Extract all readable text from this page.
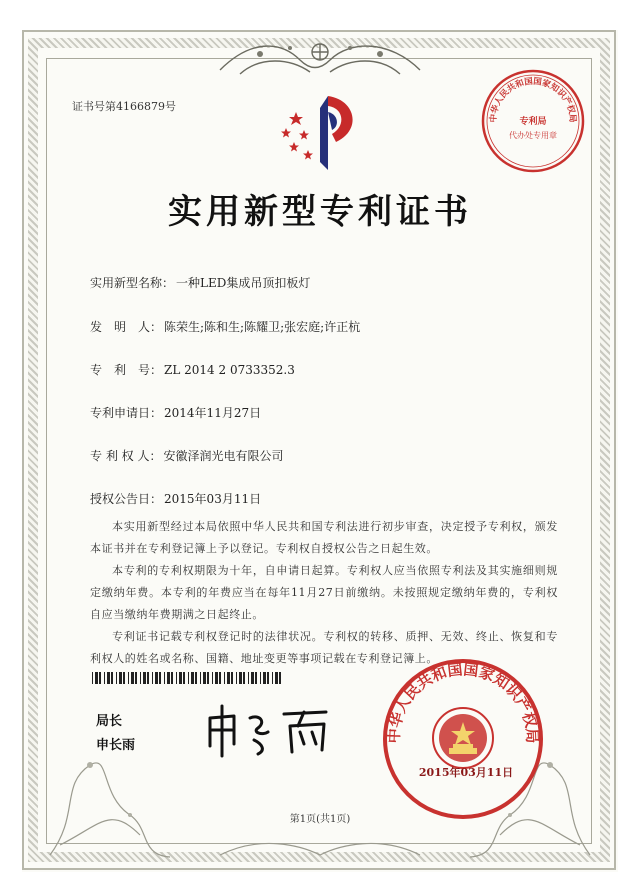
证书号第4166879号
中华人民共和国国家知识产权局
专利局
代办处专用章
实用新型专利证书
实用新型名称： 一种LED集成吊顶扣板灯
发　明　人： 陈荣生;陈和生;陈耀卫;张宏庭;许正杭
专　利　号： ZL 2014 2 0733352.3
专利申请日： 2014年11月27日
专 利 权 人： 安徽泽润光电有限公司
授权公告日： 2015年03月11日

本实用新型经过本局依照中华人民共和国专利法进行初步审查，决定授予专利权，颁发本证书并在专利登记簿上予以登记。专利权自授权公告之日起生效。

本专利的专利权期限为十年，自申请日起算。专利权人应当依照专利法及其实施细则规定缴纳年费。本专利的年费应当在每年11月27日前缴纳。未按照规定缴纳年费的，专利权自应当缴纳年费期满之日起终止。

专利证书记载专利权登记时的法律状况。专利权的转移、质押、无效、终止、恢复和专利权人的姓名或名称、国籍、地址变更等事项记载在专利登记簿上。

局长
申长雨
中华人民共和国国家知识产权局
2015年03月11日
第1页(共1页)
